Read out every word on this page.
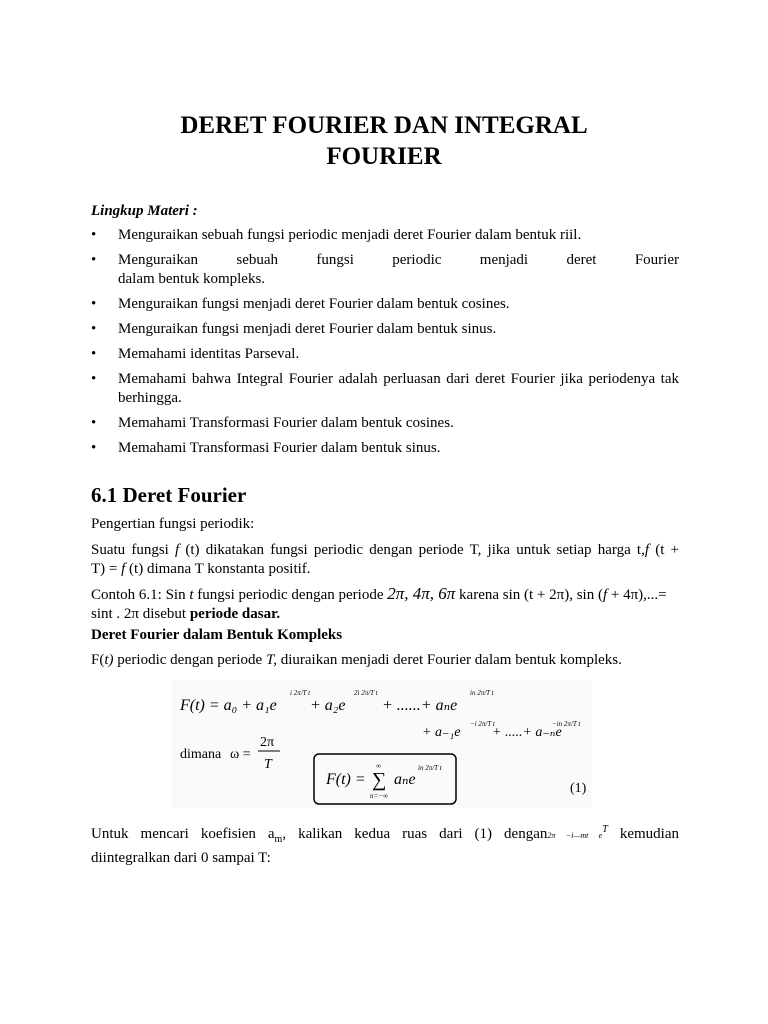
DERET FOURIER DAN INTEGRAL
FOURIER
Lingkup Materi :
• Menguraikan sebuah fungsi periodic menjadi deret Fourier dalam bentuk riil.
• Menguraikan sebuah fungsi periodic menjadi deret Fourier
dalam bentuk kompleks.
• Menguraikan fungsi menjadi deret Fourier dalam bentuk cosines.
• Menguraikan fungsi menjadi deret Fourier dalam bentuk sinus.
• Memahami identitas Parseval.
• Memahami bahwa Integral Fourier adalah perluasan dari deret Fourier jika periodenya tak berhingga.
• Memahami Transformasi Fourier dalam bentuk cosines.
• Memahami Transformasi Fourier dalam bentuk sinus.
6.1 Deret Fourier
Pengertian fungsi periodik:
Suatu fungsi f (t) dikatakan fungsi periodic dengan periode T, jika untuk setiap harga t,f (t +
T) = f (t) dimana T konstanta positif.
Contoh 6.1: Sin t fungsi periodic dengan periode 2π, 4π, 6π karena sin (t + 2π), sin (f + 4π),...=
sint . 2π disebut periode dasar.
Deret Fourier dalam Bentuk Kompleks
F(t) periodic dengan periode T, diuraikan menjadi deret Fourier dalam bentuk kompleks.
F(t) = a₀ + a₁e
i 2π/T t
+ a₂e
2i 2π/T t
+ ......+ aₙe
in 2π/T t
+ a₋₁e
−i 2π/T t
+ .....+ a₋ₙe
−in 2π/T t
dimana ω =
2π
T
F(t) =
∞
∑
n=−∞
aₙe
in 2π/T t
(1)
Untuk mencari koefisien $a_m$, kalikan kedua ruas dari (1) dengan2π −i—mt $e^T$ kemudian
diintegralkan dari 0 sampai T:
